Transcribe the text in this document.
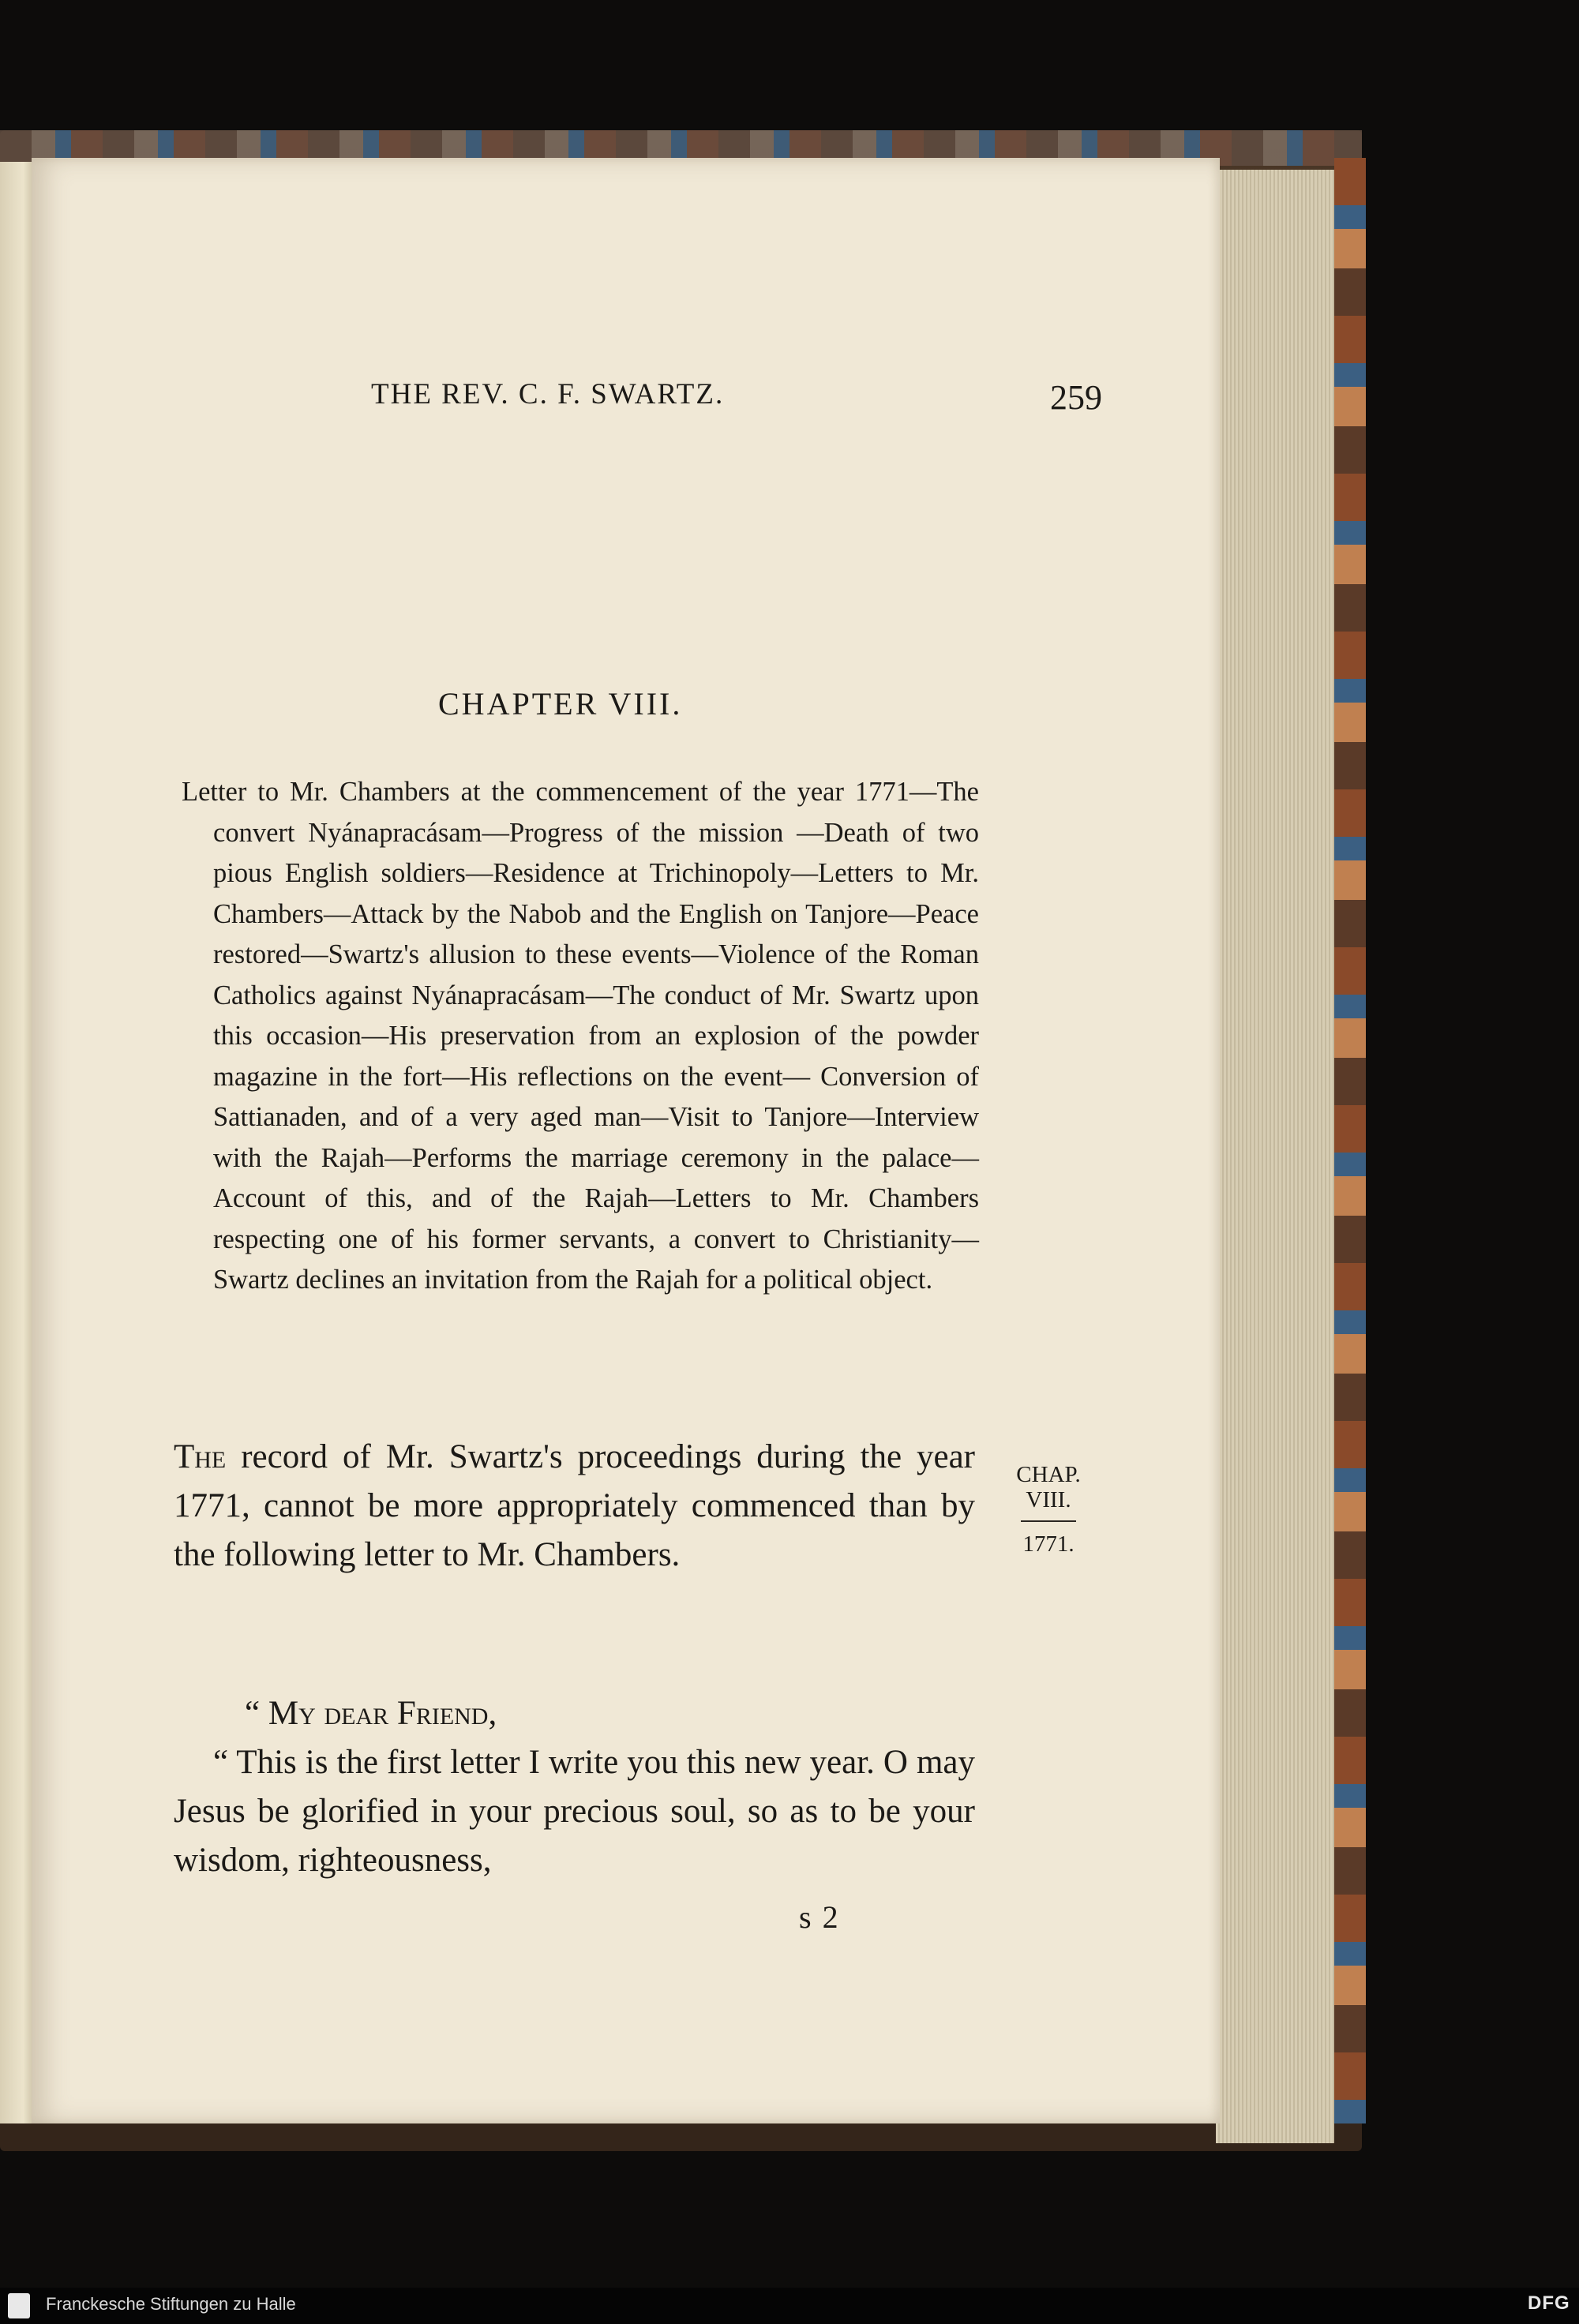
THE REV. C. F. SWARTZ.	259
CHAPTER VIII.

Letter to Mr. Chambers at the commencement of the year 1771—The convert Nyánapracásam—Progress of the mission —Death of two pious English soldiers—Residence at Trichinopoly—Letters to Mr. Chambers—Attack by the Nabob and the English on Tanjore—Peace restored—Swartz's allusion to these events—Violence of the Roman Catholics against Nyánapracásam—The conduct of Mr. Swartz upon this occasion—His preservation from an explosion of the powder magazine in the fort—His reflections on the event— Conversion of Sattianaden, and of a very aged man—Visit to Tanjore—Interview with the Rajah—Performs the marriage ceremony in the palace—Account of this, and of the Rajah—Letters to Mr. Chambers respecting one of his former servants, a convert to Christianity—Swartz declines an invitation from the Rajah for a political object.

The record of Mr. Swartz's proceedings during the year 1771, cannot be more appropriately commenced than by the following letter to Mr. Chambers.

CHAP.
VIII.
1771.
“ My dear Friend,

“ This is the first letter I write you this new year. O may Jesus be glorified in your precious soul, so as to be your wisdom, righteousness,

s 2
Franckesche Stiftungen zu Halle	DFG
